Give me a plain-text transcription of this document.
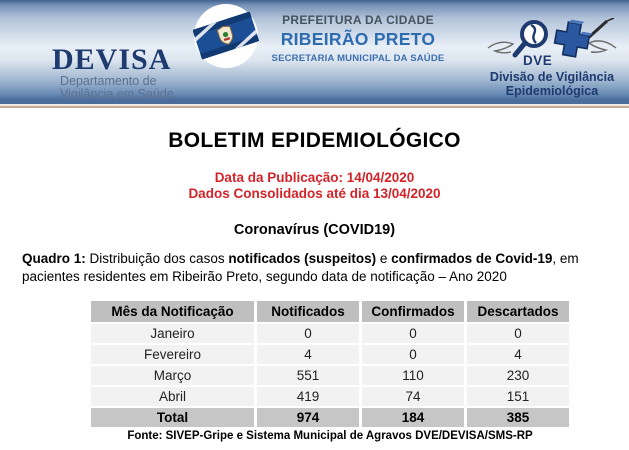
DEVISA
Departamento de
Vigilância em Saúde
PREFEITURA DA CIDADE
RIBEIRÃO PRETO
SECRETARIA MUNICIPAL DA SAÚDE	DVE
Divisão de Vigilância
Epidemiológica
BOLETIM EPIDEMIOLÓGICO
Data da Publicação: 14/04/2020
Dados Consolidados até dia 13/04/2020
Coronavírus (COVID19)
Quadro 1: Distribuição dos casos notificados (suspeitos) e confirmados de Covid-19, em pacientes residentes em Ribeirão Preto, segundo data de notificação – Ano 2020
Mês da Notificação	Notificados	Confirmados	Descartados
Janeiro	0	0	0
Fevereiro	4	0	4
Março	551	110	230
Abril	419	74	151
Total	974	184	385
Fonte: SIVEP-Gripe e Sistema Municipal de Agravos DVE/DEVISA/SMS-RP
